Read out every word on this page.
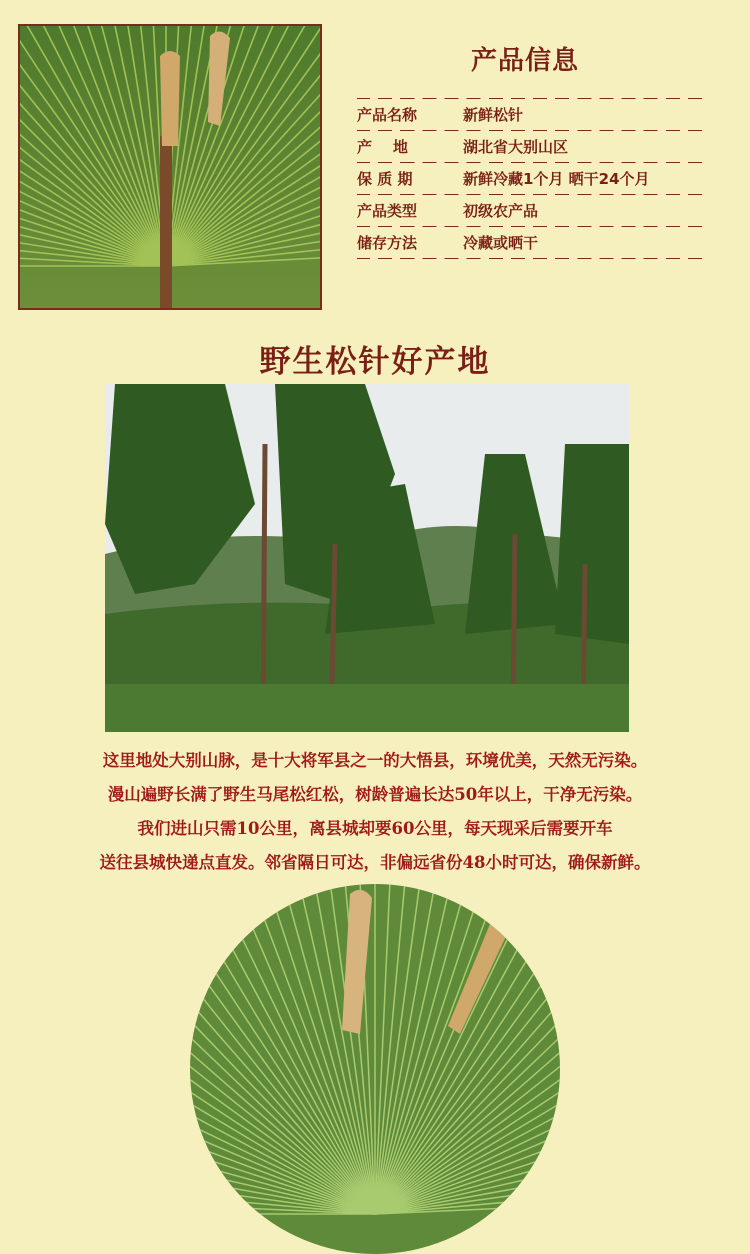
产品信息
产品名称	新鲜松针
产    地	湖北省大别山区
保 质 期	新鲜冷藏1个月 晒干24个月
产品类型	初级农产品
储存方法	冷藏或晒干
野生松针好产地
这里地处大别山脉，是十大将军县之一的大悟县，环境优美，天然无污染。
漫山遍野长满了野生马尾松红松，树龄普遍长达50年以上，干净无污染。
我们进山只需10公里，离县城却要60公里，每天现采后需要开车
送往县城快递点直发。邻省隔日可达，非偏远省份48小时可达，确保新鲜。
